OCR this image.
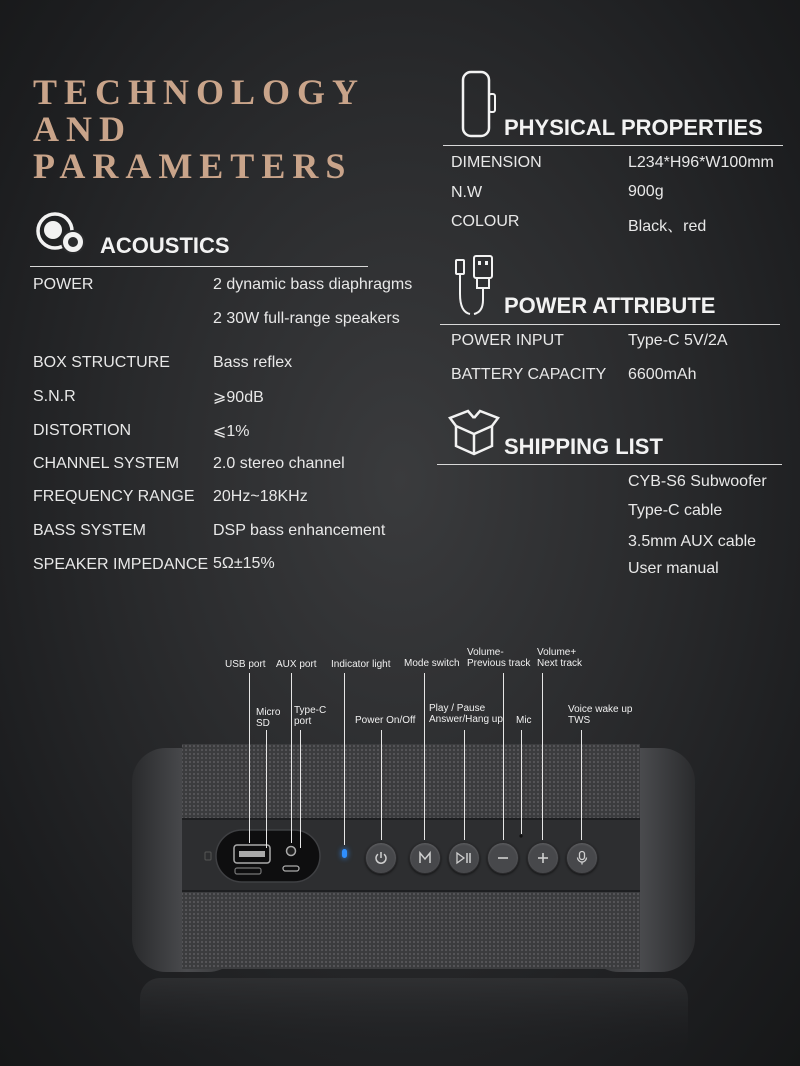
TECHNOLOGY
AND
PARAMETERS
ACOUSTICS
POWER	2 dynamic bass diaphragms
2 30W full-range speakers
BOX STRUCTURE	Bass reflex
S.N.R	⩾90dB
DISTORTION	⩽1%
CHANNEL SYSTEM 2.0 stereo channel
FREQUENCY RANGE 20Hz~18KHz
BASS SYSTEM	DSP bass enhancement
SPEAKER IMPEDANCE 5Ω±15%
PHYSICAL PROPERTIES
DIMENSION	L234*H96*W100mm
N.W	900g
COLOUR	Black、red
POWER ATTRIBUTE
POWER INPUT	Type-C 5V/2A
BATTERY CAPACITY 6600mAh
SHIPPING LIST
CYB-S6 Subwoofer
Type-C cable
3.5mm AUX cable
User manual
USB port
Micro
SD
AUX port
Type-C
port
Indicator light
Power On/Off
Mode switch
Play / Pause
Answer/Hang up
Volume-
Previous track
Mic
Volume+
Next track
Voice wake up
TWS
